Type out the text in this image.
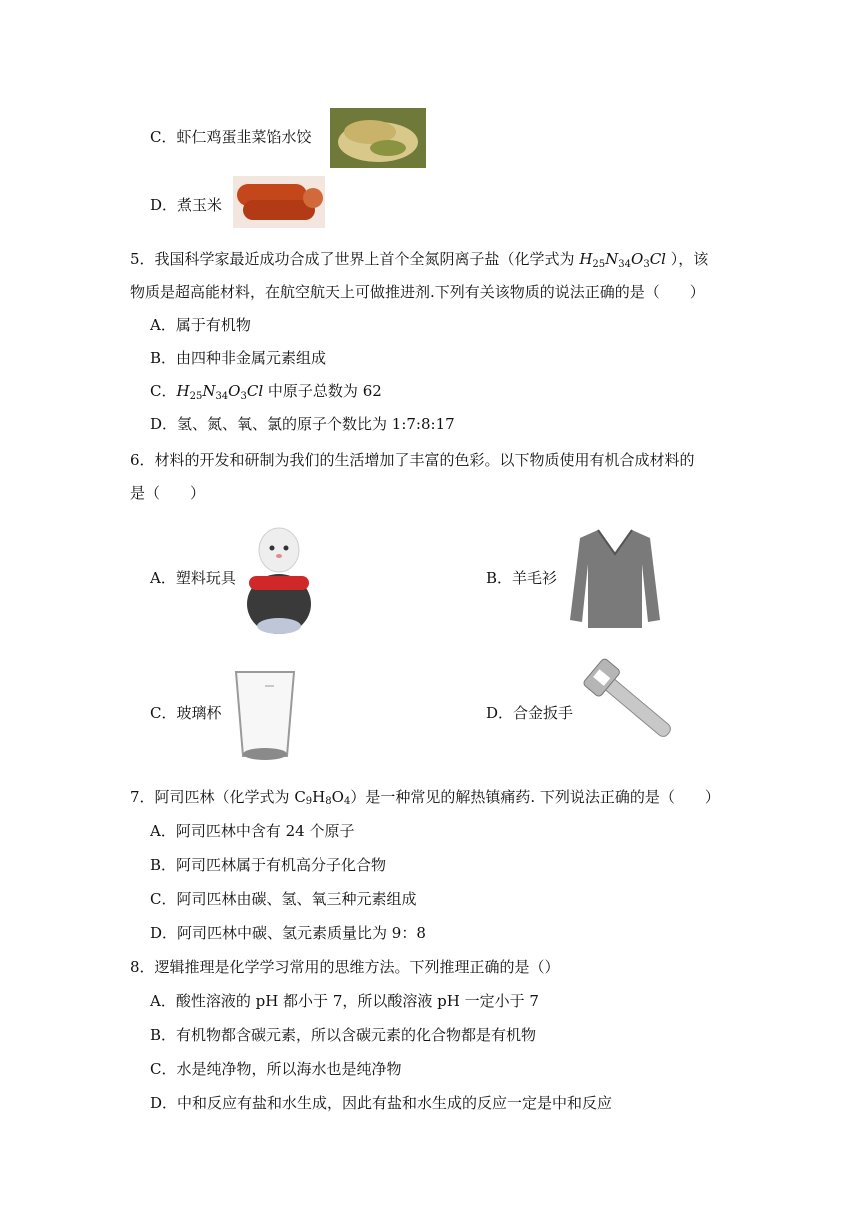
C．虾仁鸡蛋韭菜馅水饺
D．煮玉米
5．我国科学家最近成功合成了世界上首个全氮阴离子盐（化学式为 $H_{25}N_{34}O_3Cl$ ），该
物质是超高能材料，在航空航天上可做推进剂.下列有关该物质的说法正确的是（　　）
A．属于有机物
B．由四种非金属元素组成
C．$H_{25}N_{34}O_3Cl$ 中原子总数为 62
D．氢、氮、氧、氯的原子个数比为 1:7:8:17
6．材料的开发和研制为我们的生活增加了丰富的色彩。以下物质使用有机合成材料的
是（　　）
A．塑料玩具	B．羊毛衫
C．玻璃杯	D．合金扳手
7．阿司匹林（化学式为 $C_9H_8O_4$）是一种常见的解热镇痛药. 下列说法正确的是（　　）
A．阿司匹林中含有 24 个原子
B．阿司匹林属于有机高分子化合物
C．阿司匹林由碳、氢、氧三种元素组成
D．阿司匹林中碳、氢元素质量比为 9：8
8．逻辑推理是化学学习常用的思维方法。下列推理正确的是（）
A．酸性溶液的 pH 都小于 7，所以酸溶液 pH 一定小于 7
B．有机物都含碳元素，所以含碳元素的化合物都是有机物
C．水是纯净物，所以海水也是纯净物
D．中和反应有盐和水生成，因此有盐和水生成的反应一定是中和反应
